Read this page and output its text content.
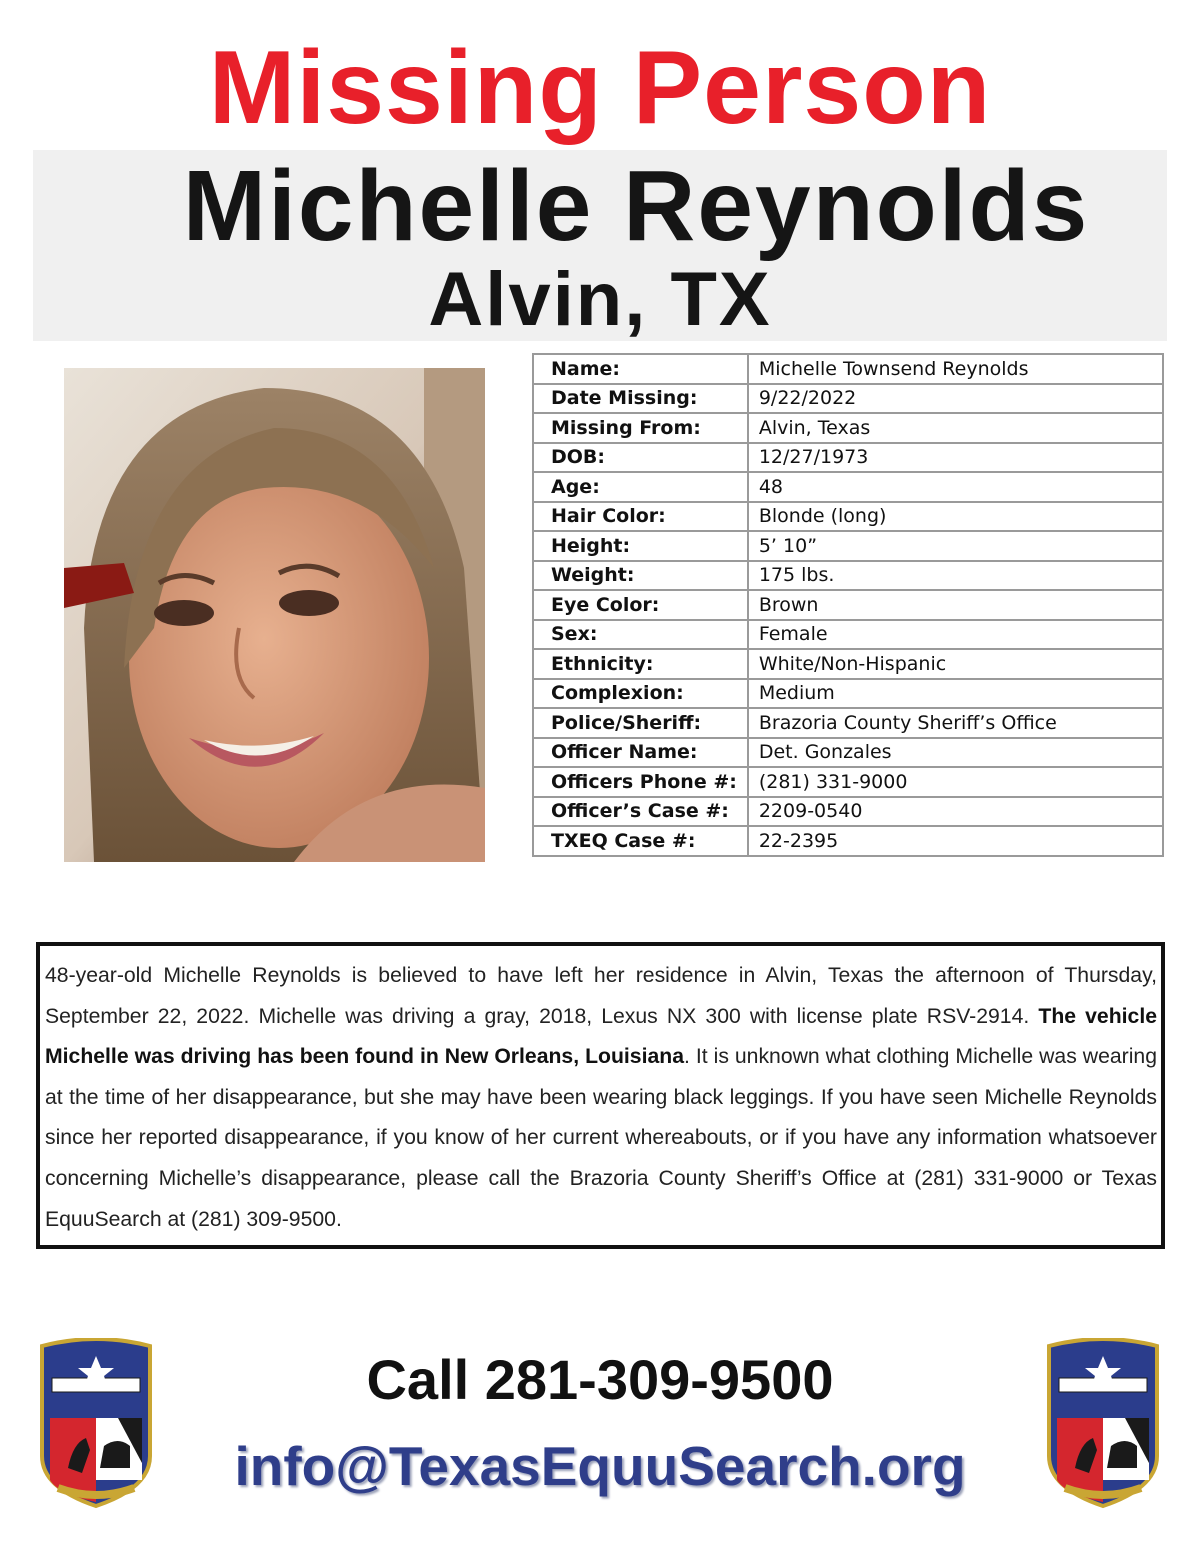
Missing Person
Michelle Reynolds
Alvin, TX
Name:	Michelle Townsend Reynolds
Date Missing:	9/22/2022
Missing From:	Alvin, Texas
DOB:	12/27/1973
Age:	48
Hair Color:	Blonde (long)
Height:	5’ 10”
Weight:	175 lbs.
Eye Color:	Brown
Sex:	Female
Ethnicity:	White/Non-Hispanic
Complexion:	Medium
Police/Sheriff:	Brazoria County Sheriff’s Office
Officer Name:	Det. Gonzales
Officers Phone #:	(281) 331-9000
Officer’s Case #:	2209-0540
TXEQ Case #:	22-2395
48-year-old Michelle Reynolds is believed to have left her residence in Alvin, Texas the afternoon of Thursday, September 22, 2022. Michelle was driving a gray, 2018, Lexus NX 300 with license plate RSV-2914. The vehicle Michelle was driving has been found in New Orleans, Louisiana. It is unknown what clothing Michelle was wearing at the time of her disappearance, but she may have been wearing black leggings. If you have seen Michelle Reynolds since her reported disappearance, if you know of her current whereabouts, or if you have any information whatsoever concerning Michelle’s disappearance, please call the Brazoria County Sheriff’s Office at (281) 331-9000 or Texas EquuSearch at (281) 309-9500.
Call 281-309-9500
info@TexasEquuSearch.org
